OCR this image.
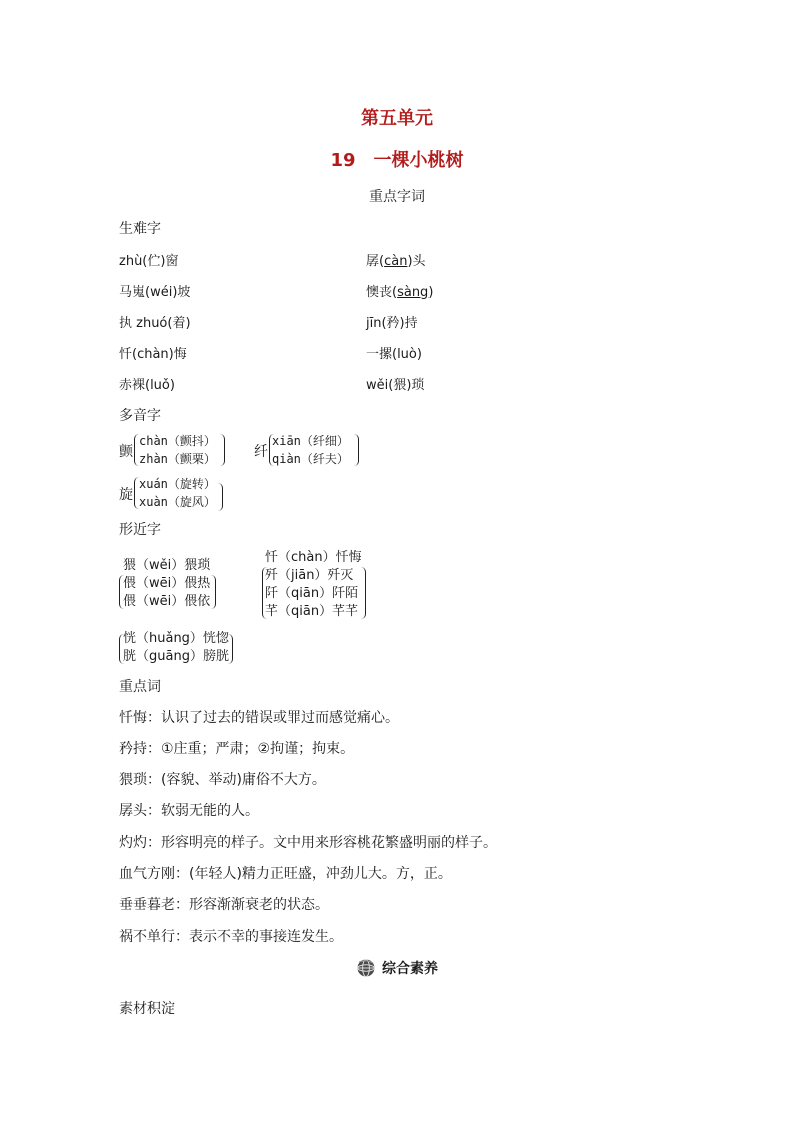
第五单元
19 一棵小桃树
重点字词
生难字
zhù(伫)窗	孱(càn)头
马嵬(wéi)坡	懊丧(sàng)
执 zhuó(着)	jīn(矜)持
忏(chàn)悔	一摞(luò)
赤裸(luǒ)	wěi(猥)琐
多音字
颤
chàn（颤抖）
zhàn（颤栗）	纤
xiān（纤细）
qiàn（纤夫）
旋
xuán（旋转）
xuàn（旋风）
形近字
猥（wěi）猥琐
偎（wēi）偎热
偎（wēi）偎依
忏（chàn）忏悔
歼（jiān）歼灭
阡（qiān）阡陌
芊（qiān）芊芊
恍（huǎng）恍惚
胱（guāng）膀胱
重点词
忏悔：认识了过去的错误或罪过而感觉痛心。
矜持：①庄重；严肃；②拘谨；拘束。
猥琐：(容貌、举动)庸俗不大方。
孱头：软弱无能的人。
灼灼：形容明亮的样子。文中用来形容桃花繁盛明丽的样子。
血气方刚：(年轻人)精力正旺盛，冲劲儿大。方，正。
垂垂暮老：形容渐渐衰老的状态。
祸不单行：表示不幸的事接连发生。
综合素养
素材积淀
